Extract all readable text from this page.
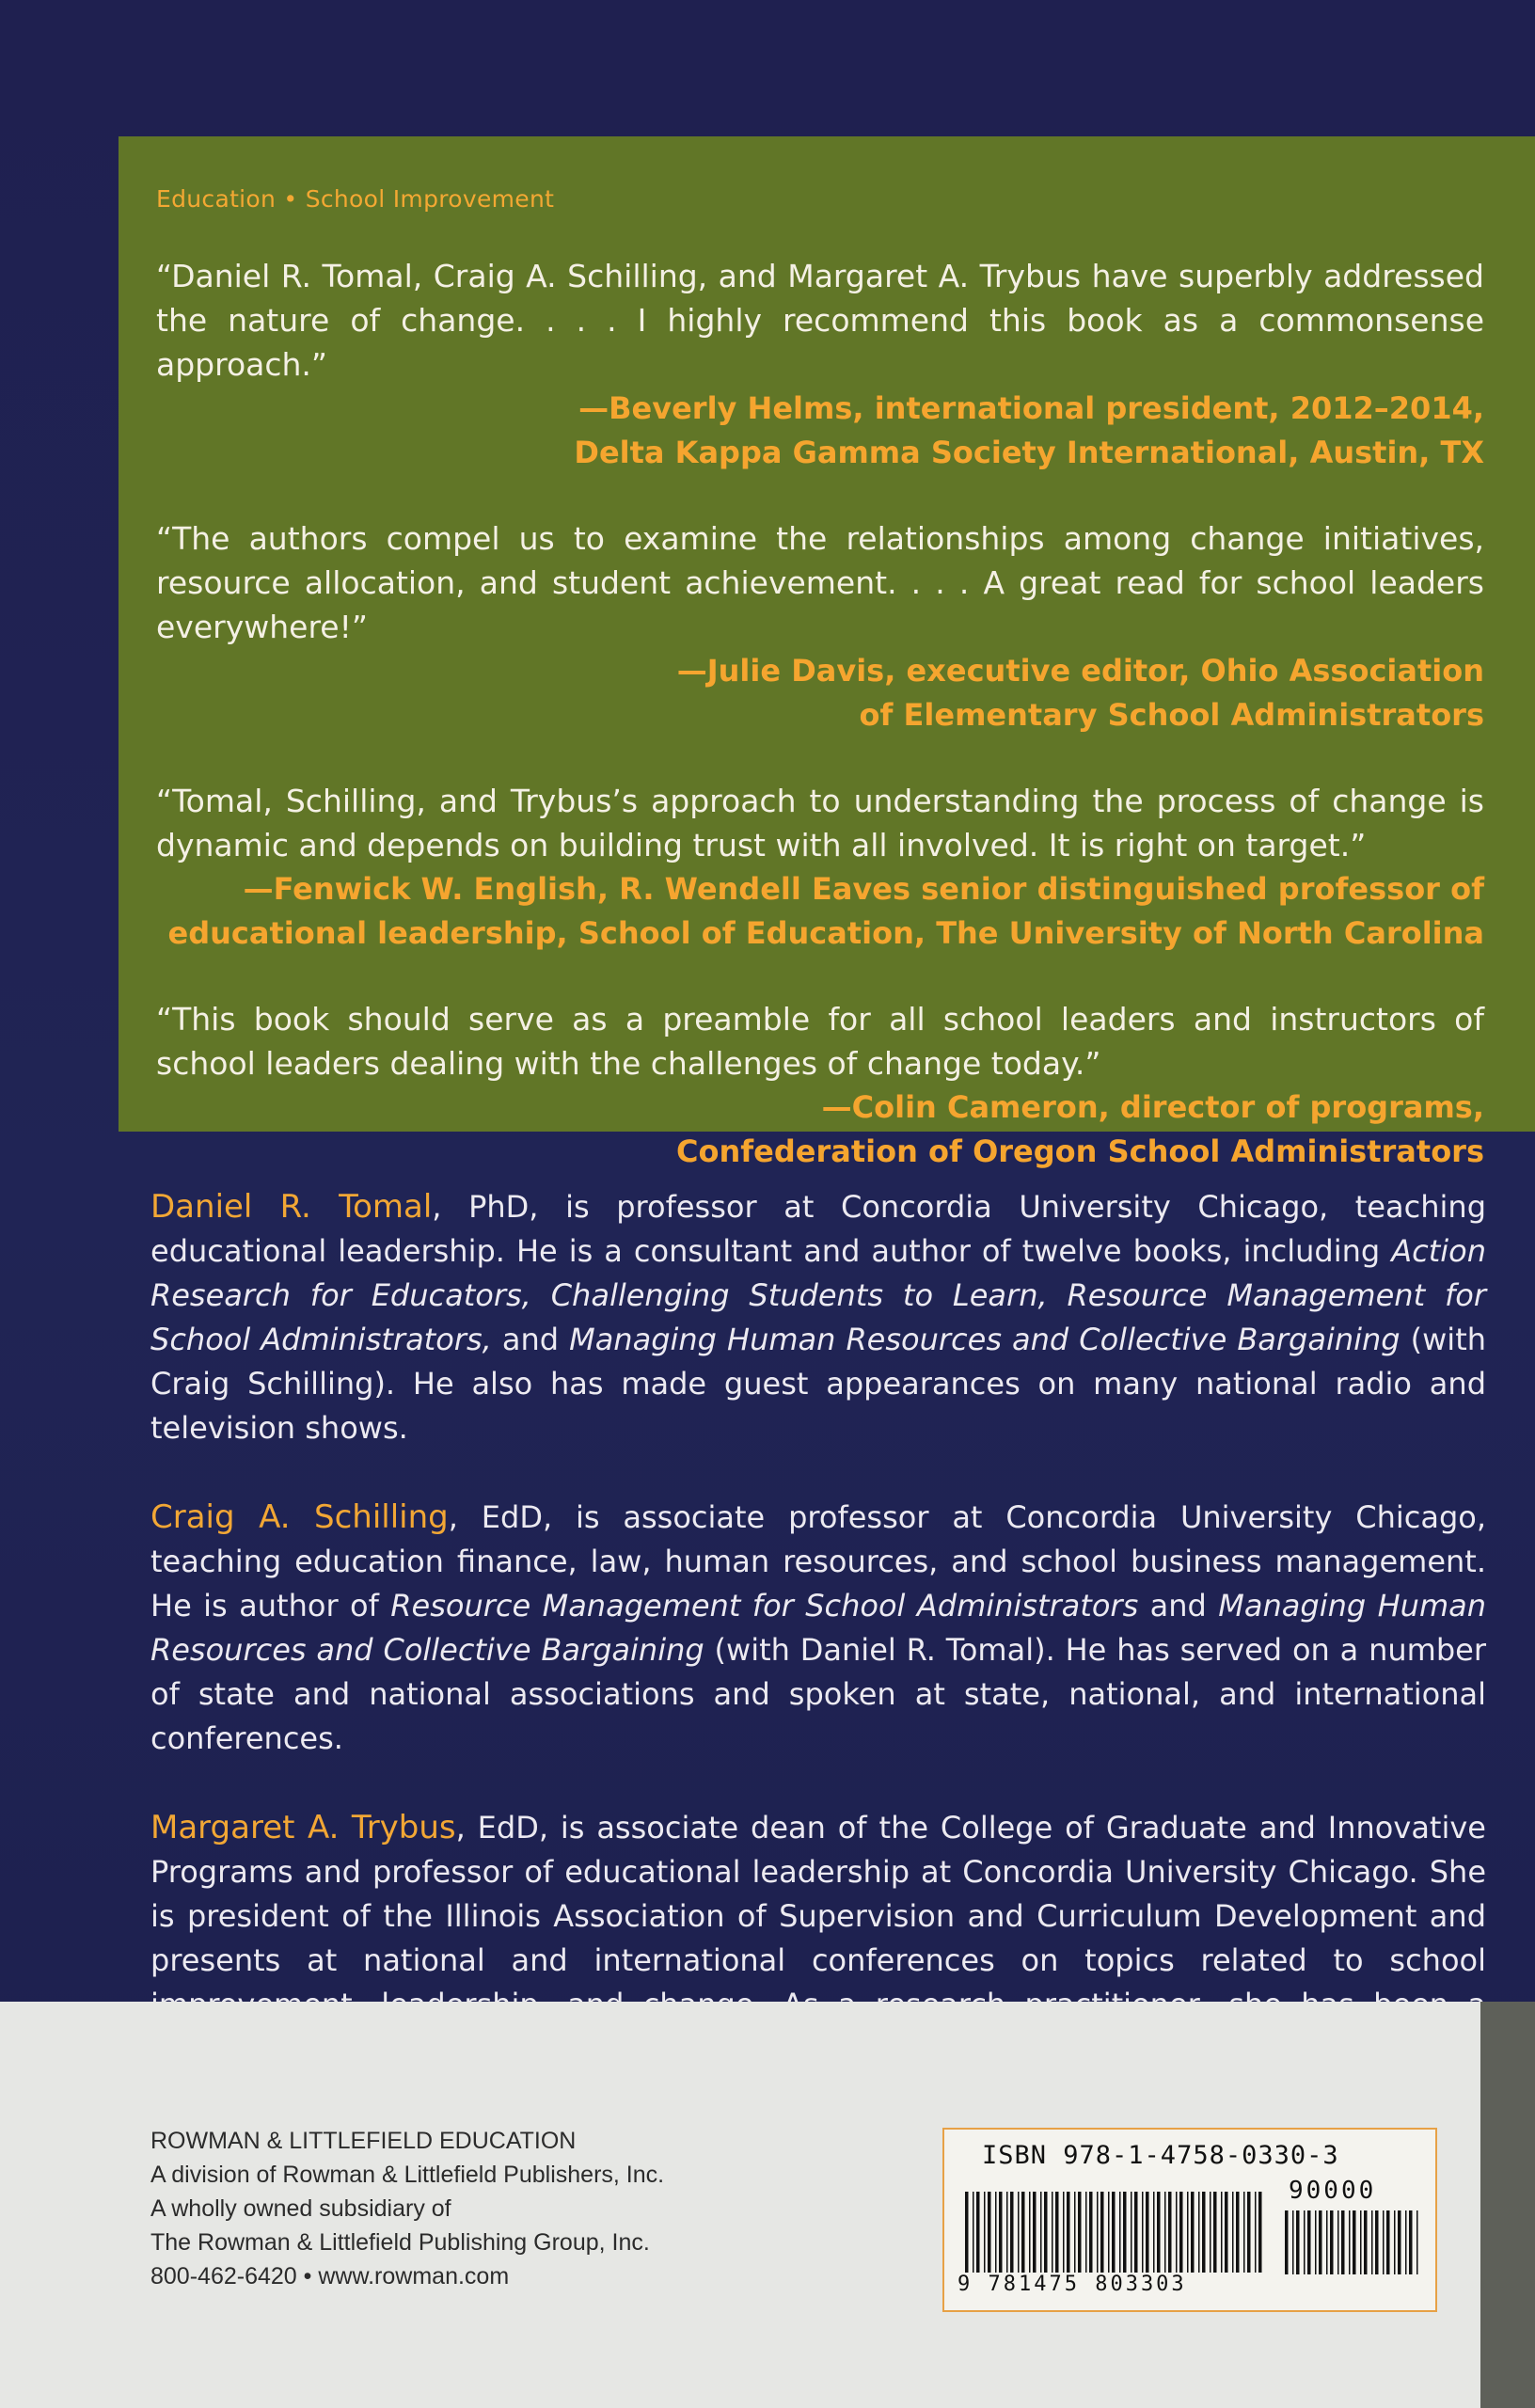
Education • School Improvement
“Daniel R. Tomal, Craig A. Schilling, and Margaret A. Trybus have superbly addressed the nature of change. . . . I highly recommend this book as a commonsense approach.”
—Beverly Helms, international president, 2012–2014,
Delta Kappa Gamma Society International, Austin, TX
“The authors compel us to examine the relationships among change initiatives, resource allocation, and student achievement. . . . A great read for school leaders everywhere!”
—Julie Davis, executive editor, Ohio Association
of Elementary School Administrators
“Tomal, Schilling, and Trybus’s approach to understanding the process of change is dynamic and depends on building trust with all involved. It is right on target.”
—Fenwick W. English, R. Wendell Eaves senior distinguished professor of
educational leadership, School of Education, The University of North Carolina
“This book should serve as a preamble for all school leaders and instructors of school leaders dealing with the challenges of change today.”
—Colin Cameron, director of programs,
Confederation of Oregon School Administrators

Daniel R. Tomal, PhD, is professor at Concordia University Chicago, teaching educational leadership. He is a consultant and author of twelve books, including Action Research for Educators, Challenging Students to Learn, Resource Management for School Administrators, and Managing Human Resources and Collective Bargaining (with Craig Schilling). He also has made guest appearances on many national radio and television shows.

Craig A. Schilling, EdD, is associate professor at Concordia University Chicago, teaching education finance, law, human resources, and school business management. He is author of Resource Management for School Administrators and Managing Human Resources and Collective Bargaining (with Daniel R. Tomal). He has served on a number of state and national associations and spoken at state, national, and international conferences.

Margaret A. Trybus, EdD, is associate dean of the College of Graduate and Innovative Programs and professor of educational leadership at Concordia University Chicago. She is president of the Illinois Association of Supervision and Curriculum Development and presents at national and international conferences on topics related to school

ROWMAN & LITTLEFIELD EDUCATION
A division of Rowman & Littlefield Publishers, Inc.
A wholly owned subsidiary of
The Rowman & Littlefield Publishing Group, Inc.
800-462-6420 • www.rowman.com
ISBN 978-1-4758-0330-3
90000
9 781475 803303
